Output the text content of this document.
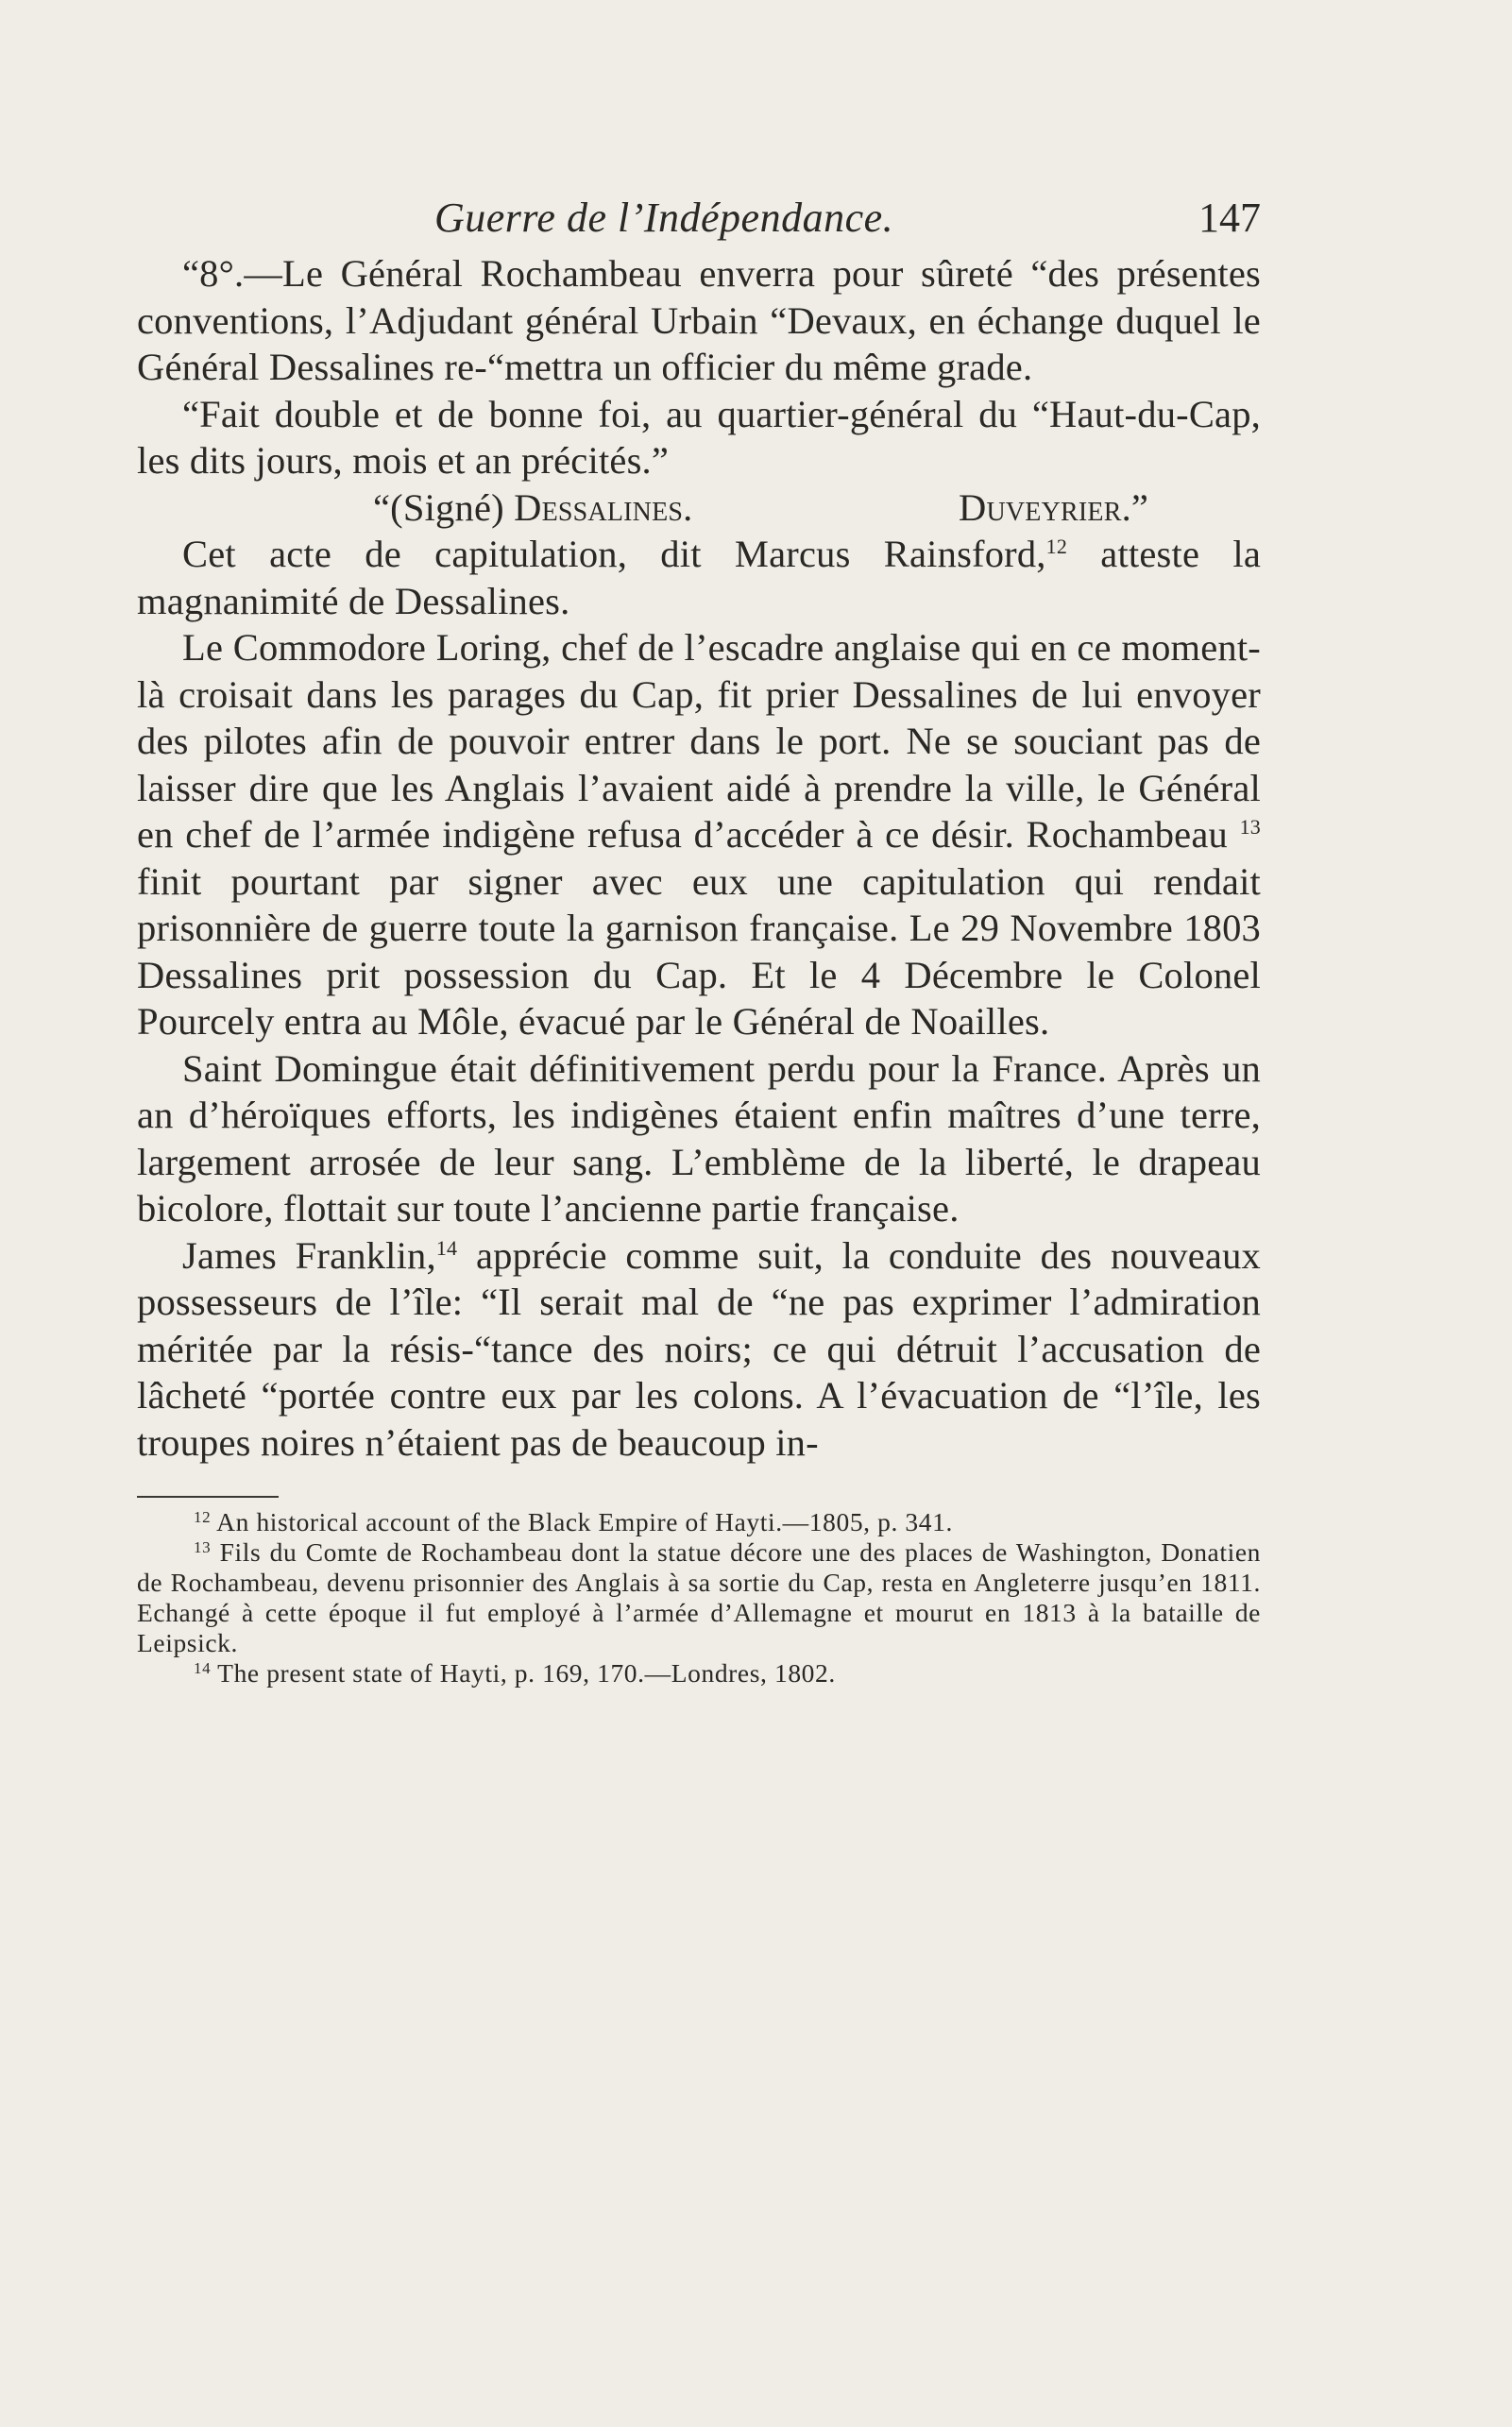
Guerre de l’Indépendance.	147

“8°.—Le Général Rochambeau enverra pour sûreté “des présentes conventions, l’Adjudant général Urbain “Devaux, en échange duquel le Général Dessalines re-“mettra un officier du même grade.

“Fait double et de bonne foi, au quartier-général du “Haut-du-Cap, les dits jours, mois et an précités.”

“(Signé) Dessalines.	Duveyrier.”

Cet acte de capitulation, dit Marcus Rainsford,$^{12}$ atteste la magnanimité de Dessalines.

Le Commodore Loring, chef de l’escadre anglaise qui en ce moment-là croisait dans les parages du Cap, fit prier Dessalines de lui envoyer des pilotes afin de pouvoir entrer dans le port. Ne se souciant pas de laisser dire que les Anglais l’avaient aidé à prendre la ville, le Général en chef de l’armée indigène refusa d’accéder à ce désir. Rochambeau $^{13}$ finit pourtant par signer avec eux une capitulation qui rendait prisonnière de guerre toute la garnison française. Le 29 Novembre 1803 Dessalines prit possession du Cap. Et le 4 Décembre le Colonel Pourcely entra au Môle, évacué par le Général de Noailles.

Saint Domingue était définitivement perdu pour la France. Après un an d’héroïques efforts, les indigènes étaient enfin maîtres d’une terre, largement arrosée de leur sang. L’emblème de la liberté, le drapeau bicolore, flottait sur toute l’ancienne partie française.

James Franklin,$^{14}$ apprécie comme suit, la conduite des nouveaux possesseurs de l’île: “Il serait mal de “ne pas exprimer l’admiration méritée par la résis-“tance des noirs; ce qui détruit l’accusation de lâcheté “portée contre eux par les colons. A l’évacuation de “l’île, les troupes noires n’étaient pas de beaucoup in-

$^{12}$ An historical account of the Black Empire of Hayti.—1805, p. 341.

$^{13}$ Fils du Comte de Rochambeau dont la statue décore une des places de Washington, Donatien de Rochambeau, devenu prisonnier des Anglais à sa sortie du Cap, resta en Angleterre jusqu’en 1811. Echangé à cette époque il fut employé à l’armée d’Allemagne et mourut en 1813 à la bataille de Leipsick.

$^{14}$ The present state of Hayti, p. 169, 170.—Londres, 1802.
